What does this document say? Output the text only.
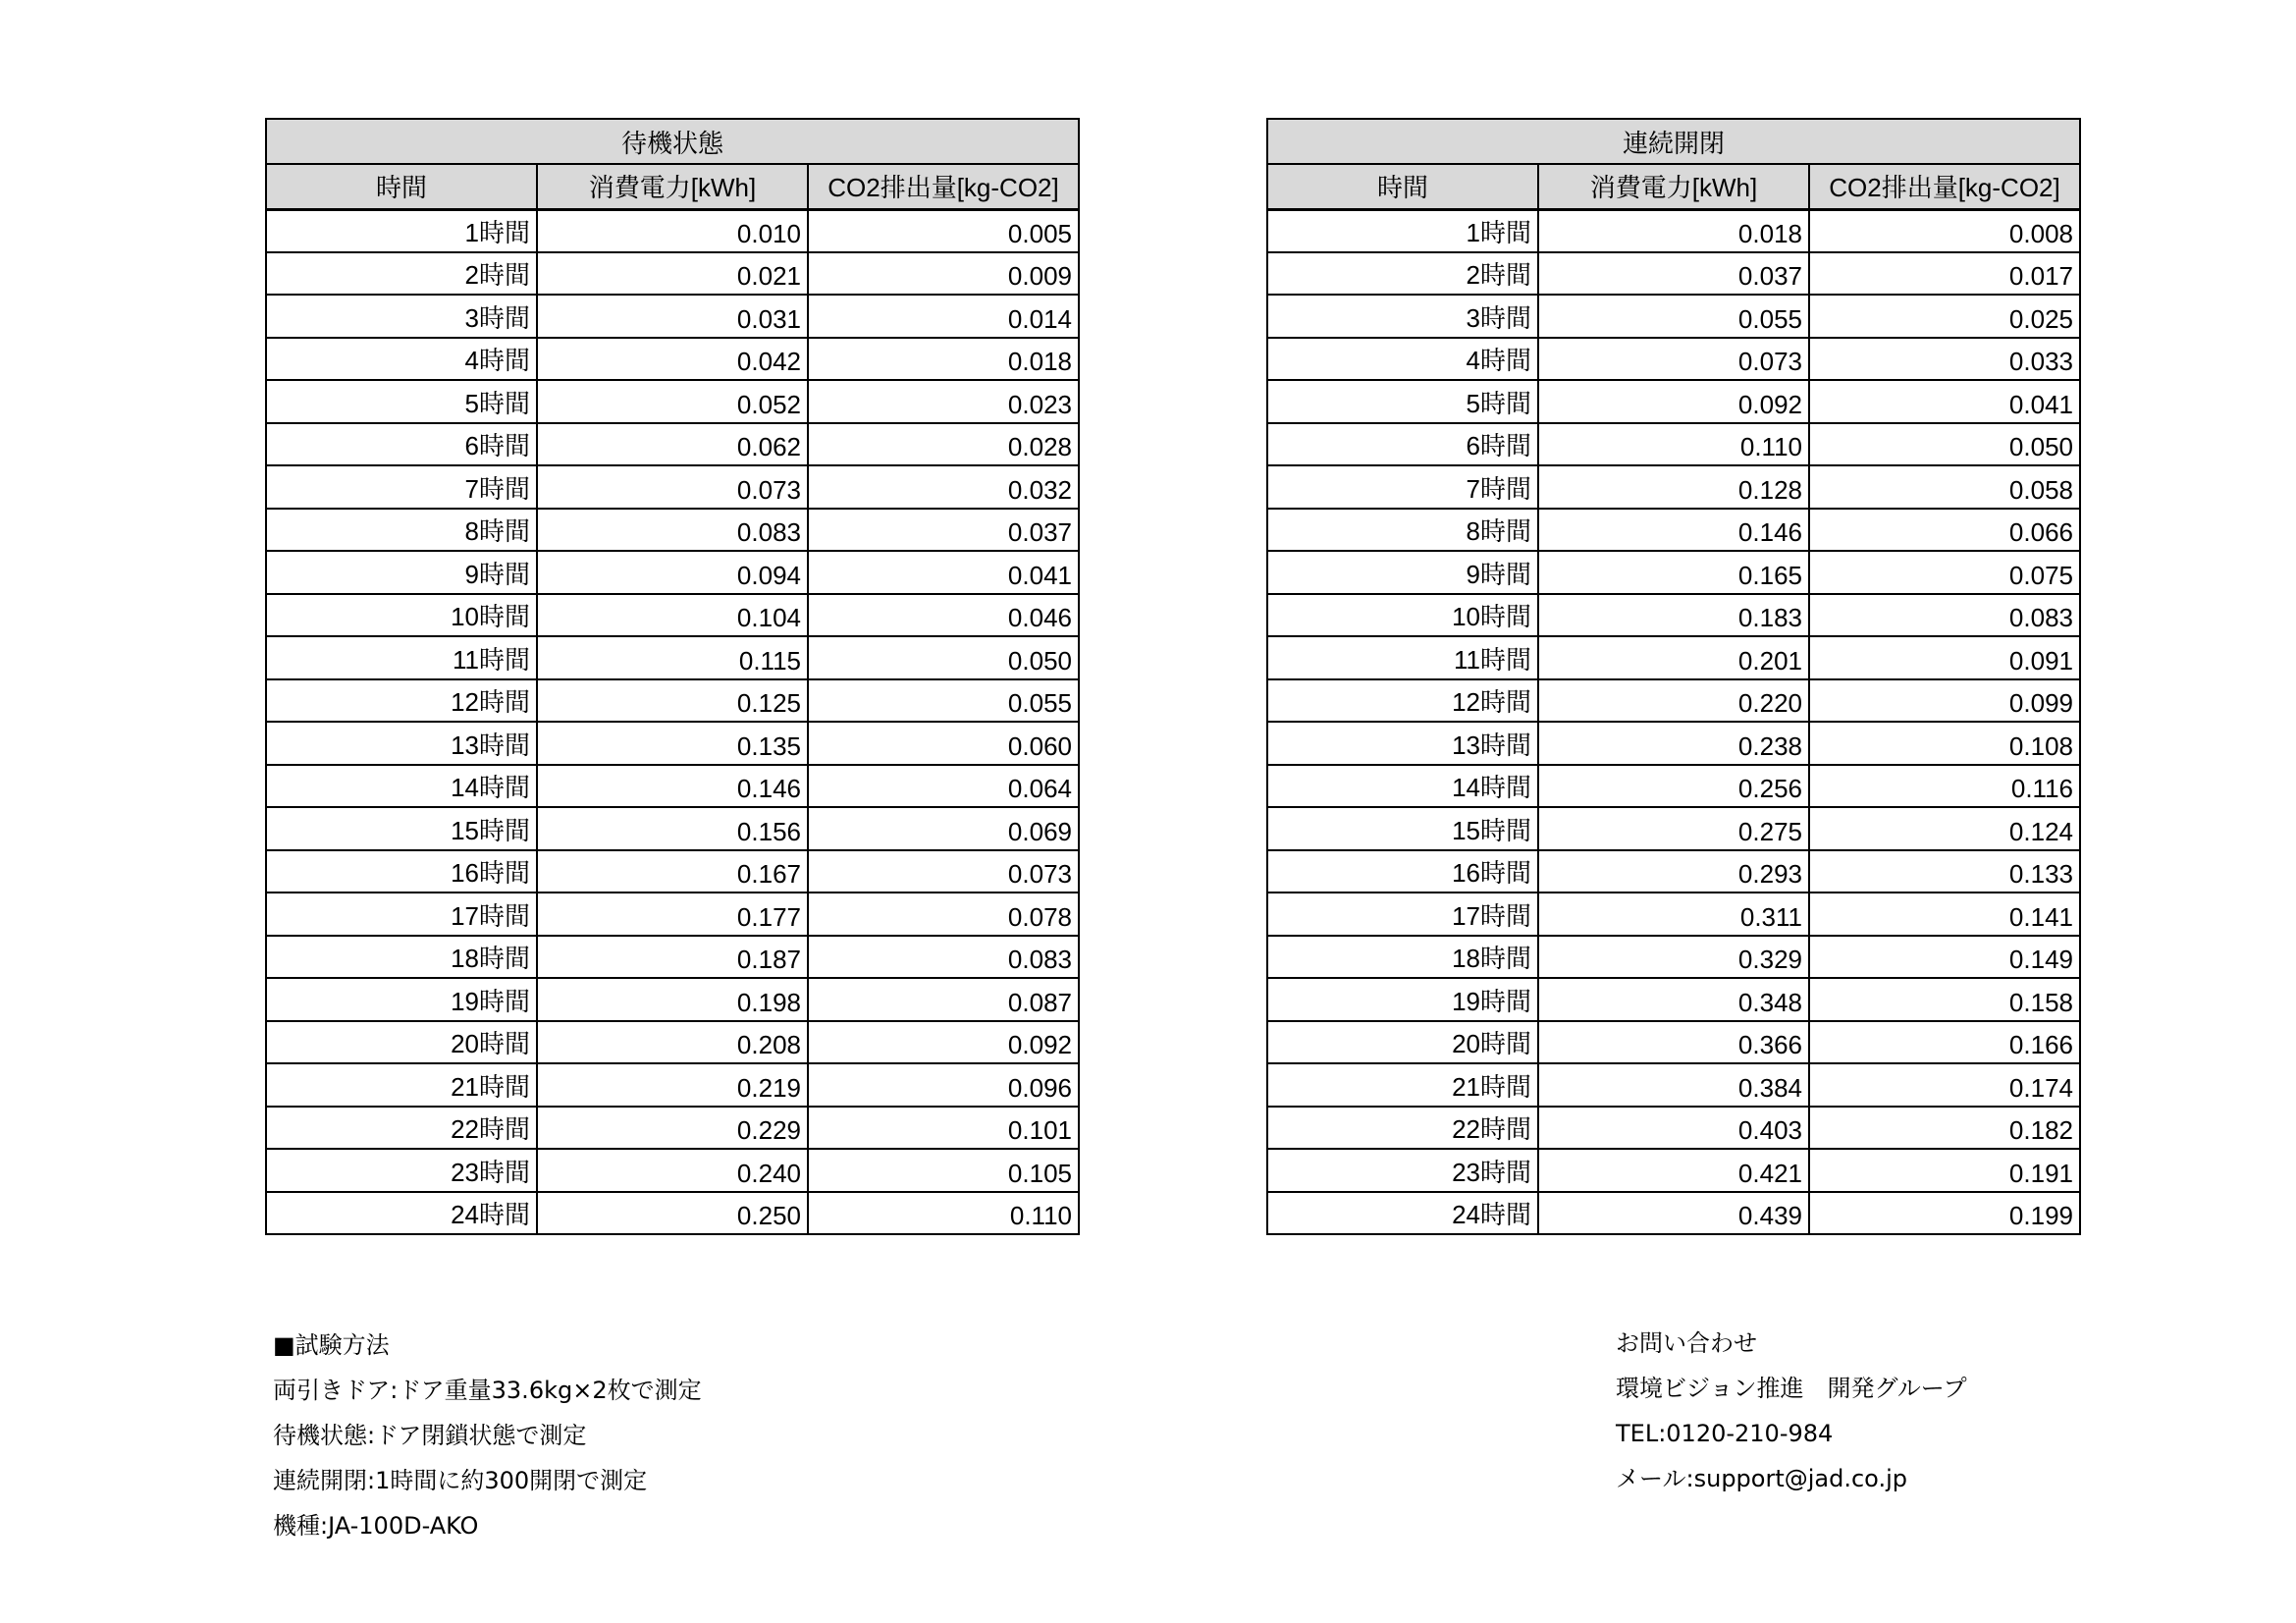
待機状態		
時間	消費電力[kWh]	CO2排出量[kg-CO2]
1時間	0.010	0.005
2時間	0.021	0.009
3時間	0.031	0.014
4時間	0.042	0.018
5時間	0.052	0.023
6時間	0.062	0.028
7時間	0.073	0.032
8時間	0.083	0.037
9時間	0.094	0.041
10時間	0.104	0.046
11時間	0.115	0.050
12時間	0.125	0.055
13時間	0.135	0.060
14時間	0.146	0.064
15時間	0.156	0.069
16時間	0.167	0.073
17時間	0.177	0.078
18時間	0.187	0.083
19時間	0.198	0.087
20時間	0.208	0.092
21時間	0.219	0.096
22時間	0.229	0.101
23時間	0.240	0.105
24時間	0.250	0.110
連続開閉		
時間	消費電力[kWh]	CO2排出量[kg-CO2]
1時間	0.018	0.008
2時間	0.037	0.017
3時間	0.055	0.025
4時間	0.073	0.033
5時間	0.092	0.041
6時間	0.110	0.050
7時間	0.128	0.058
8時間	0.146	0.066
9時間	0.165	0.075
10時間	0.183	0.083
11時間	0.201	0.091
12時間	0.220	0.099
13時間	0.238	0.108
14時間	0.256	0.116
15時間	0.275	0.124
16時間	0.293	0.133
17時間	0.311	0.141
18時間	0.329	0.149
19時間	0.348	0.158
20時間	0.366	0.166
21時間	0.384	0.174
22時間	0.403	0.182
23時間	0.421	0.191
24時間	0.439	0.199
■試験方法
両引きドア:ドア重量33.6kg×2枚で測定
待機状態:ドア閉鎖状態で測定
連続開閉:1時間に約300開閉で測定
機種:JA-100D-AKO
お問い合わせ
環境ビジョン推進　開発グループ
TEL:0120-210-984
メール:support@jad.co.jp
